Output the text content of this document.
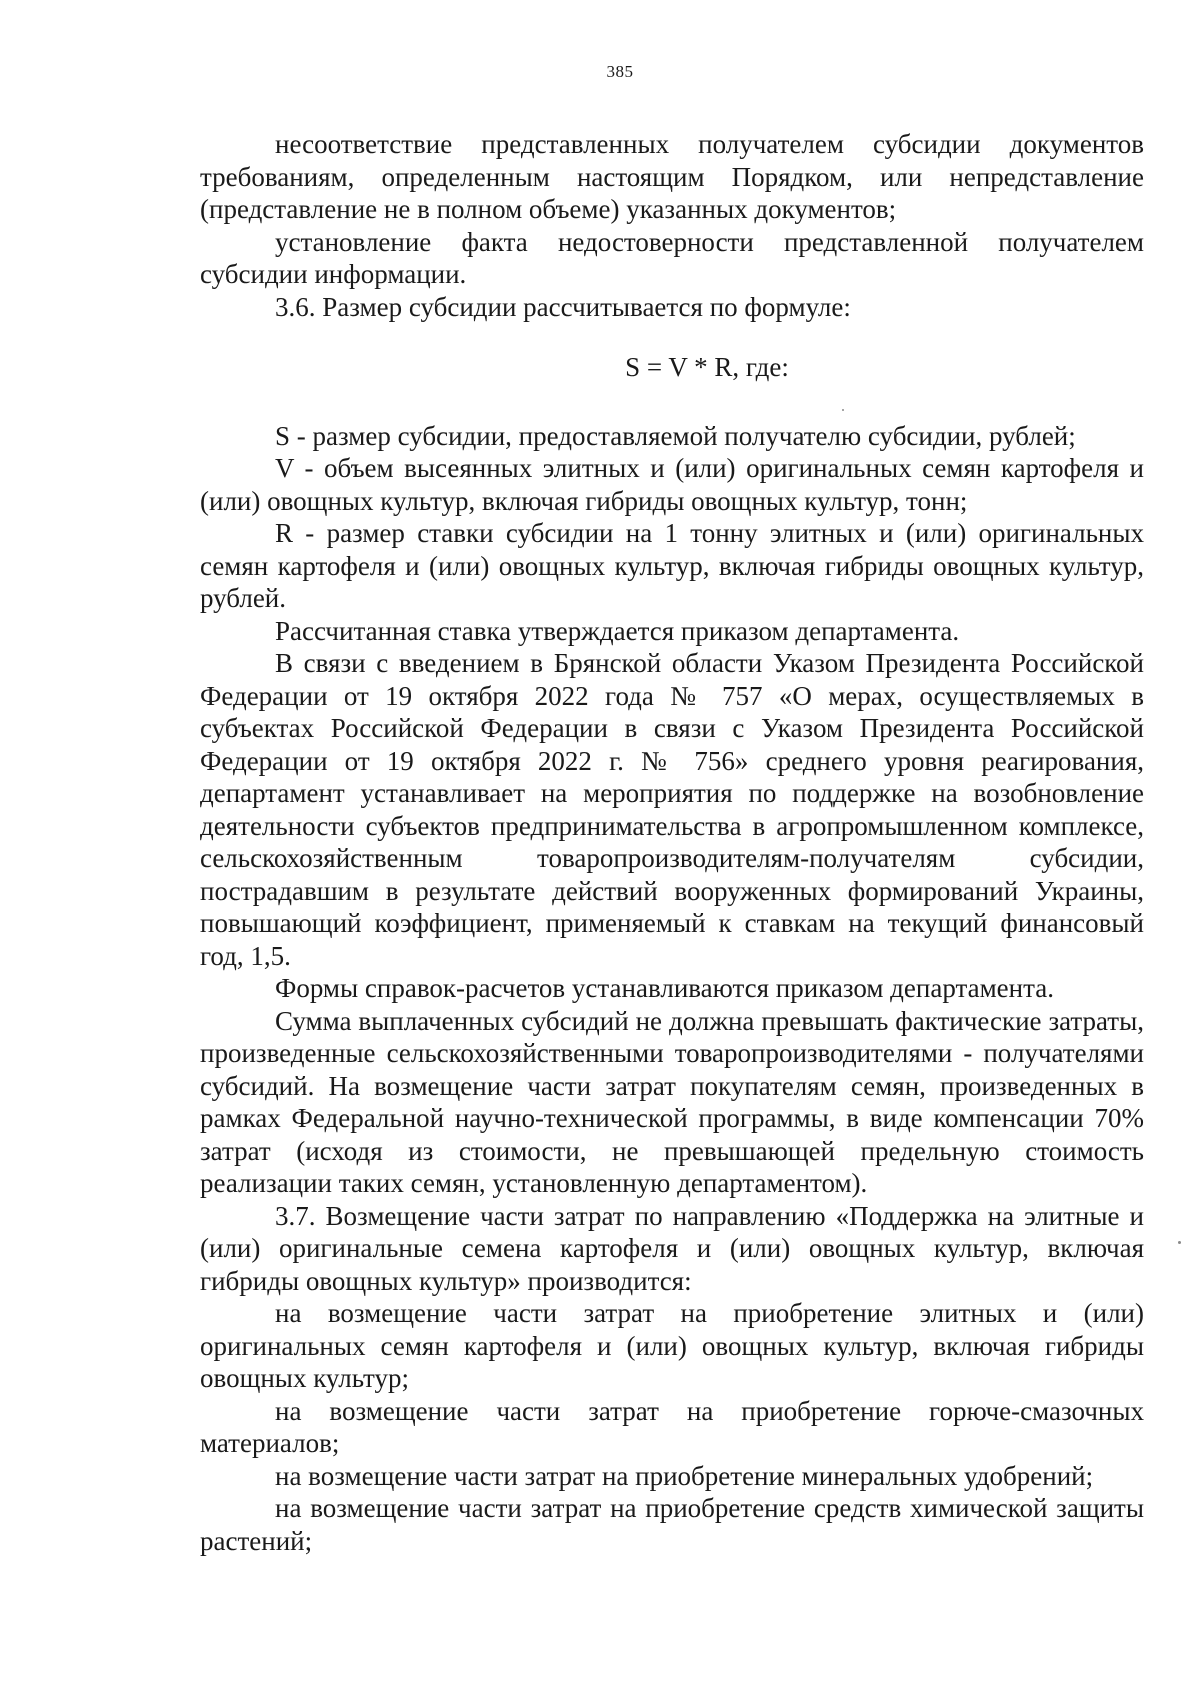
385

несоответствие представленных получателем субсидии документов требованиям, определенным настоящим Порядком, или непредставление (представление не в полном объеме) указанных документов;

установление факта недостоверности представленной получателем субсидии информации.

3.6. Размер субсидии рассчитывается по формуле:

S = V * R, где:

S - размер субсидии, предоставляемой получателю субсидии, рублей;

V - объем высеянных элитных и (или) оригинальных семян картофеля и (или) овощных культур, включая гибриды овощных культур, тонн;

R - размер ставки субсидии на 1 тонну элитных и (или) оригинальных семян картофеля и (или) овощных культур, включая гибриды овощных культур, рублей.

Рассчитанная ставка утверждается приказом департамента.

В связи с введением в Брянской области Указом Президента Российской Федерации от 19 октября 2022 года № 757 «О мерах, осуществляемых в субъектах Российской Федерации в связи с Указом Президента Российской Федерации от 19 октября 2022 г. № 756» среднего уровня реагирования, департамент устанавливает на мероприятия по поддержке на возобновление деятельности субъектов предпринимательства в агропромышленном комплексе, сельскохозяйственным товаропроизводителям-получателям субсидии, пострадавшим в результате действий вооруженных формирований Украины, повышающий коэффициент, применяемый к ставкам на текущий финансовый год, 1,5.

Формы справок-расчетов устанавливаются приказом департамента.

Сумма выплаченных субсидий не должна превышать фактические затраты, произведенные сельскохозяйственными товаропроизводителями - получателями субсидий. На возмещение части затрат покупателям семян, произведенных в рамках Федеральной научно-технической программы, в виде компенсации 70% затрат (исходя из стоимости, не превышающей предельную стоимость реализации таких семян, установленную департаментом).

3.7. Возмещение части затрат по направлению «Поддержка на элитные и (или) оригинальные семена картофеля и (или) овощных культур, включая гибриды овощных культур» производится:

на возмещение части затрат на приобретение элитных и (или) оригинальных семян картофеля и (или) овощных культур, включая гибриды овощных культур;

на возмещение части затрат на приобретение горюче-смазочных материалов;

на возмещение части затрат на приобретение минеральных удобрений;

на возмещение части затрат на приобретение средств химической защиты растений;
